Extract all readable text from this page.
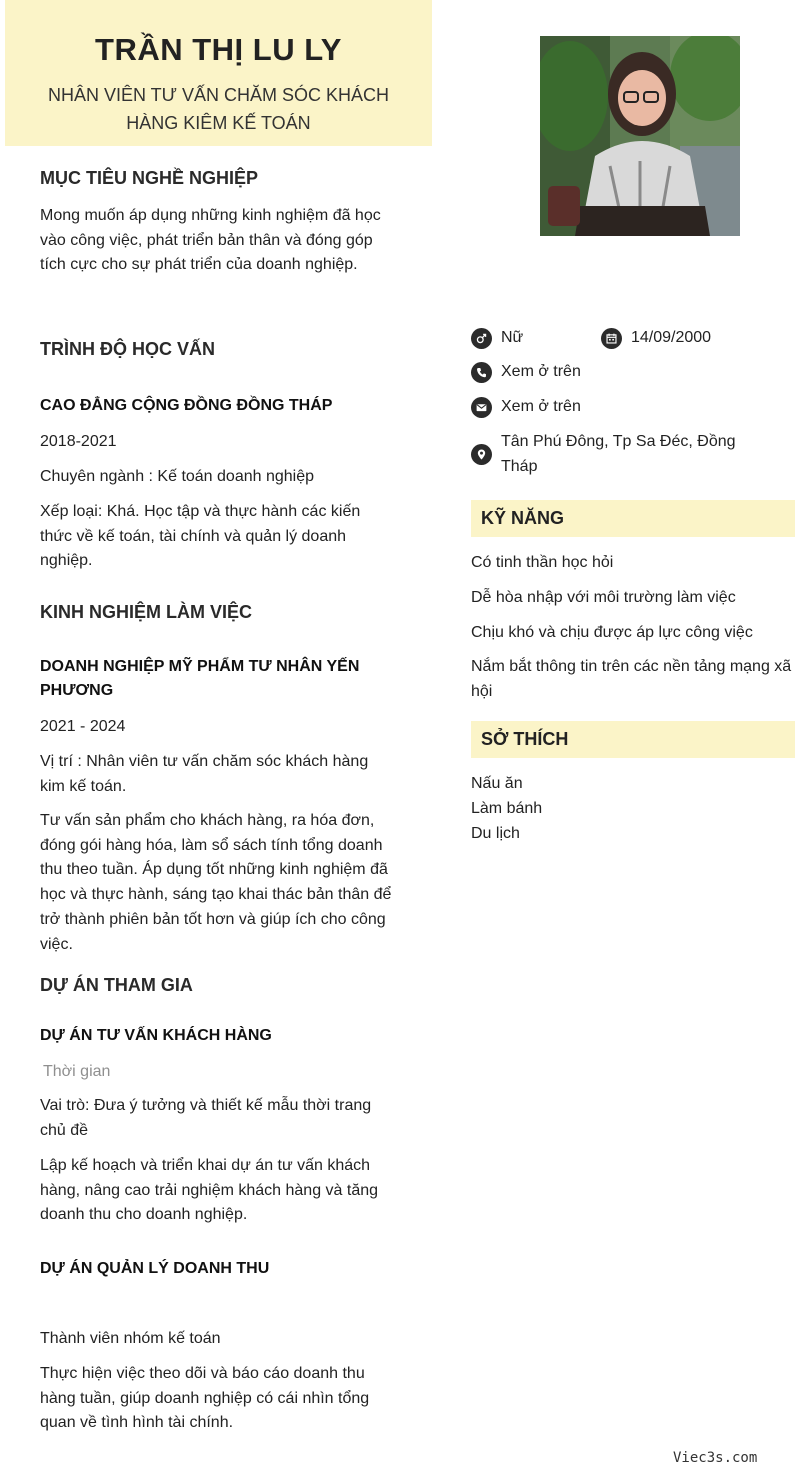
TRẦN THỊ LU LY
NHÂN VIÊN TƯ VẤN CHĂM SÓC KHÁCH HÀNG KIÊM KẾ TOÁN
MỤC TIÊU NGHỀ NGHIỆP
Mong muốn áp dụng những kinh nghiệm đã học vào công việc, phát triển bản thân và đóng góp tích cực cho sự phát triển của doanh nghiệp.
TRÌNH ĐỘ HỌC VẤN
CAO ĐẲNG CỘNG ĐỒNG ĐỒNG THÁP
2018-2021
Chuyên ngành : Kế toán doanh nghiệp
Xếp loại: Khá. Học tập và thực hành các kiến thức về kế toán, tài chính và quản lý doanh nghiệp.
KINH NGHIỆM LÀM VIỆC
DOANH NGHIỆP MỸ PHẨM TƯ NHÂN YẾN PHƯƠNG
2021 - 2024
Vị trí : Nhân viên tư vấn chăm sóc khách hàng kim kế toán.
Tư vấn sản phẩm cho khách hàng, ra hóa đơn, đóng gói hàng hóa, làm sổ sách tính tổng doanh thu theo tuần. Áp dụng tốt những kinh nghiệm đã học và thực hành, sáng tạo khai thác bản thân để trở thành phiên bản tốt hơn và giúp ích cho công việc.
DỰ ÁN THAM GIA
DỰ ÁN TƯ VẤN KHÁCH HÀNG
Thời gian
Vai trò: Đưa ý tưởng và thiết kế mẫu thời trang chủ đề
Lập kế hoạch và triển khai dự án tư vấn khách hàng, nâng cao trải nghiệm khách hàng và tăng doanh thu cho doanh nghiệp.
DỰ ÁN QUẢN LÝ DOANH THU
Thành viên nhóm kế toán
Thực hiện việc theo dõi và báo cáo doanh thu hàng tuần, giúp doanh nghiệp có cái nhìn tổng quan về tình hình tài chính.
Nữ	14/09/2000
Xem ở trên
Xem ở trên
Tân Phú Đông, Tp Sa Đéc, Đồng Tháp
KỸ NĂNG
Có tinh thần học hỏi
Dễ hòa nhập với môi trường làm việc
Chịu khó và chịu được áp lực công việc
Nắm bắt thông tin trên các nền tảng mạng xã hội
SỞ THÍCH
Nấu ăn
Làm bánh
Du lịch
Viec3s.com
